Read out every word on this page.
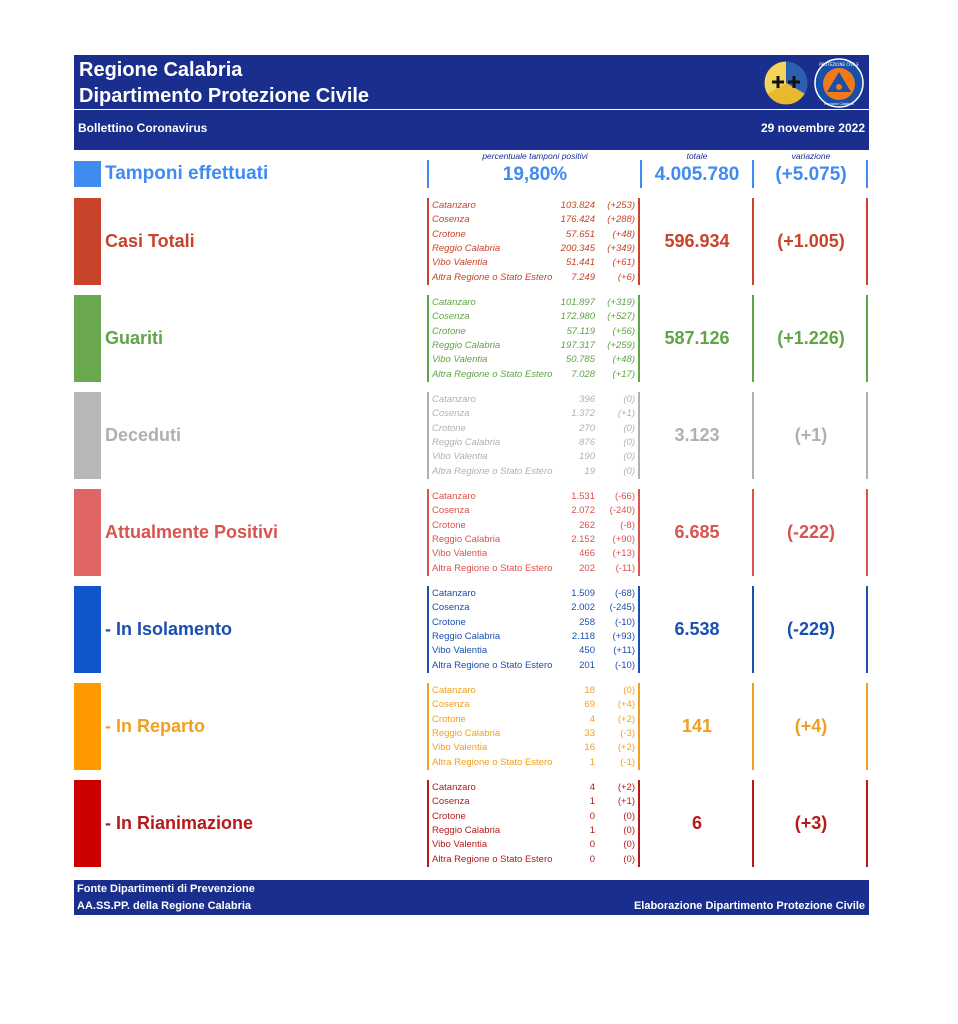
Regione Calabria
Dipartimento Protezione Civile
PROTEZIONE CIVILE
Regione Calabria
Bollettino Coronavirus	29 novembre 2022
percentuale tamponi positivi	totale	variazione
Tamponi effettuati	19,80%	4.005.780	(+5.075)
Casi Totali
Catanzaro	103.824 (+253)
Cosenza	176.424 (+288)
Crotone	57.651 (+48)
Reggio Calabria	200.345 (+349)
Vibo Valentia	51.441 (+61)
Altra Regione o Stato Estero 7.249 (+6)
596.934	(+1.005)
Guariti
Catanzaro	101.897 (+319)
Cosenza	172.980 (+527)
Crotone	57.119 (+56)
Reggio Calabria	197.317 (+259)
Vibo Valentia	50.785 (+48)
Altra Regione o Stato Estero 7.028 (+17)
587.126	(+1.226)
Deceduti
Catanzaro	396	(0)
Cosenza	1.372 (+1)
Crotone	270	(0)
Reggio Calabria	876	(0)
Vibo Valentia	190	(0)
Altra Regione o Stato Estero	19	(0)
3.123	(+1)
Attualmente Positivi
Catanzaro	1.531 (-66)
Cosenza	2.072 (-240)
Crotone	262	(-8)
Reggio Calabria	2.152 (+90)
Vibo Valentia	466 (+13)
Altra Regione o Stato Estero	202 (-11)
6.685	(-222)
- In Isolamento
Catanzaro	1.509 (-68)
Cosenza	2.002 (-245)
Crotone	258 (-10)
Reggio Calabria	2.118 (+93)
Vibo Valentia	450 (+11)
Altra Regione o Stato Estero	201 (-10)
6.538	(-229)
- In Reparto
Catanzaro	18	(0)
Cosenza	69 (+4)
Crotone	4 (+2)
Reggio Calabria	33	(-3)
Vibo Valentia	16 (+2)
Altra Regione o Stato Estero	1	(-1)
141	(+4)
- In Rianimazione
Catanzaro	4 (+2)
Cosenza	1 (+1)
Crotone	0	(0)
Reggio Calabria	1	(0)
Vibo Valentia	0	(0)
Altra Regione o Stato Estero	0	(0)
6	(+3)
Fonte Dipartimenti di Prevenzione
AA.SS.PP. della Regione Calabria	Elaborazione Dipartimento Protezione Civile
